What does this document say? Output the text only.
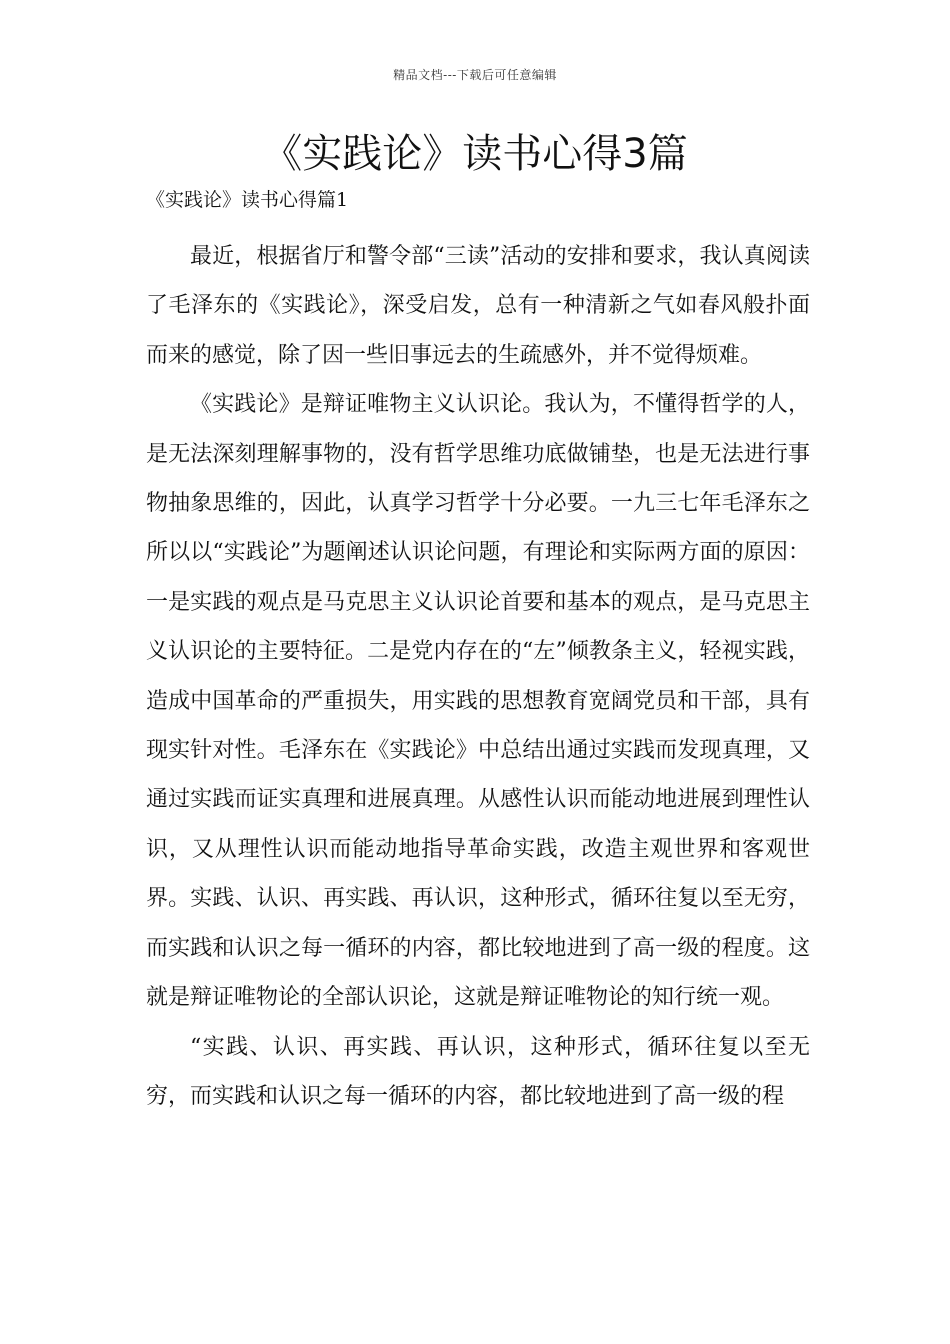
精品文档---下载后可任意编辑
《实践论》读书心得3篇
《实践论》读书心得篇1

最近，根据省厅和警令部“三读”活动的安排和要求，我认真阅读了毛泽东的《实践论》，深受启发，总有一种清新之气如春风般扑面而来的感觉，除了因一些旧事远去的生疏感外，并不觉得烦难。

《实践论》是辩证唯物主义认识论。我认为，不懂得哲学的人，是无法深刻理解事物的，没有哲学思维功底做铺垫，也是无法进行事物抽象思维的，因此，认真学习哲学十分必要。一九三七年毛泽东之所以以“实践论”为题阐述认识论问题，有理论和实际两方面的原因：一是实践的观点是马克思主义认识论首要和基本的观点，是马克思主义认识论的主要特征。二是党内存在的“左”倾教条主义，轻视实践，造成中国革命的严重损失，用实践的思想教育宽阔党员和干部，具有现实针对性。毛泽东在《实践论》中总结出通过实践而发现真理，又通过实践而证实真理和进展真理。从感性认识而能动地进展到理性认识，又从理性认识而能动地指导革命实践，改造主观世界和客观世界。实践、认识、再实践、再认识，这种形式，循环往复以至无穷，而实践和认识之每一循环的内容，都比较地进到了高一级的程度。这就是辩证唯物论的全部认识论，这就是辩证唯物论的知行统一观。

“实践、认识、再实践、再认识，这种形式，循环往复以至无穷，而实践和认识之每一循环的内容，都比较地进到了高一级的程
